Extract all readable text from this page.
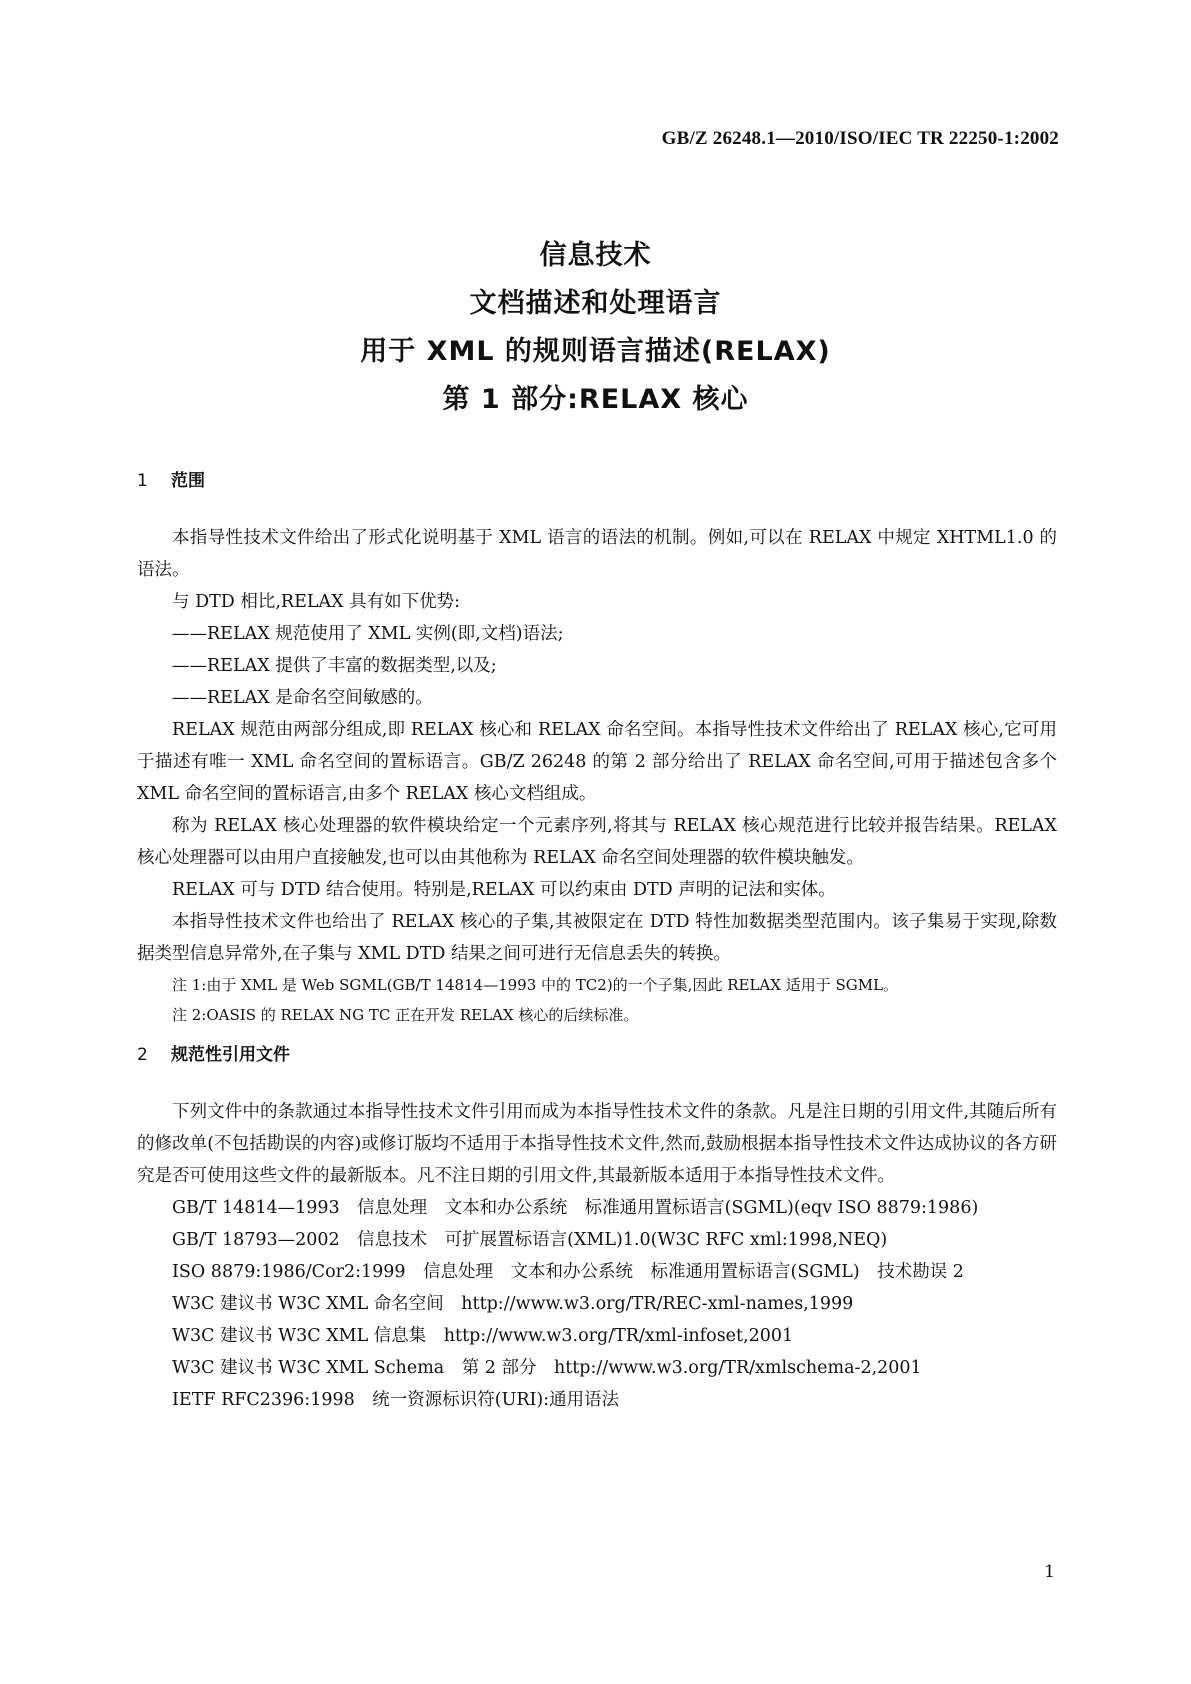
GB/Z 26248.1—2010/ISO/IEC TR 22250-1:2002
信息技术
文档描述和处理语言
用于 XML 的规则语言描述(RELAX)
第 1 部分:RELAX 核心
1 范围

本指导性技术文件给出了形式化说明基于 XML 语言的语法的机制。例如,可以在 RELAX 中规定 XHTML1.0 的语法。

与 DTD 相比,RELAX 具有如下优势:

——RELAX 规范使用了 XML 实例(即,文档)语法;

——RELAX 提供了丰富的数据类型,以及;

——RELAX 是命名空间敏感的。

RELAX 规范由两部分组成,即 RELAX 核心和 RELAX 命名空间。本指导性技术文件给出了 RELAX 核心,它可用于描述有唯一 XML 命名空间的置标语言。GB/Z 26248 的第 2 部分给出了 RELAX 命名空间,可用于描述包含多个 XML 命名空间的置标语言,由多个 RELAX 核心文档组成。

称为 RELAX 核心处理器的软件模块给定一个元素序列,将其与 RELAX 核心规范进行比较并报告结果。RELAX 核心处理器可以由用户直接触发,也可以由其他称为 RELAX 命名空间处理器的软件模块触发。

RELAX 可与 DTD 结合使用。特别是,RELAX 可以约束由 DTD 声明的记法和实体。

本指导性技术文件也给出了 RELAX 核心的子集,其被限定在 DTD 特性加数据类型范围内。该子集易于实现,除数据类型信息异常外,在子集与 XML DTD 结果之间可进行无信息丢失的转换。

注 1:由于 XML 是 Web SGML(GB/T 14814—1993 中的 TC2)的一个子集,因此 RELAX 适用于 SGML。

注 2:OASIS 的 RELAX NG TC 正在开发 RELAX 核心的后续标准。

2 规范性引用文件

下列文件中的条款通过本指导性技术文件引用而成为本指导性技术文件的条款。凡是注日期的引用文件,其随后所有的修改单(不包括勘误的内容)或修订版均不适用于本指导性技术文件,然而,鼓励根据本指导性技术文件达成协议的各方研究是否可使用这些文件的最新版本。凡不注日期的引用文件,其最新版本适用于本指导性技术文件。

GB/T 14814—1993　信息处理　文本和办公系统　标准通用置标语言(SGML)(eqv ISO 8879:1986)

GB/T 18793—2002　信息技术　可扩展置标语言(XML)1.0(W3C RFC xml:1998,NEQ)

ISO 8879:1986/Cor2:1999　信息处理　文本和办公系统　标准通用置标语言(SGML)　技术勘误 2

W3C 建议书 W3C XML 命名空间　http://www.w3.org/TR/REC-xml-names,1999

W3C 建议书 W3C XML 信息集　http://www.w3.org/TR/xml-infoset,2001

W3C 建议书 W3C XML Schema　第 2 部分　http://www.w3.org/TR/xmlschema-2,2001

IETF RFC2396:1998　统一资源标识符(URI):通用语法

1
